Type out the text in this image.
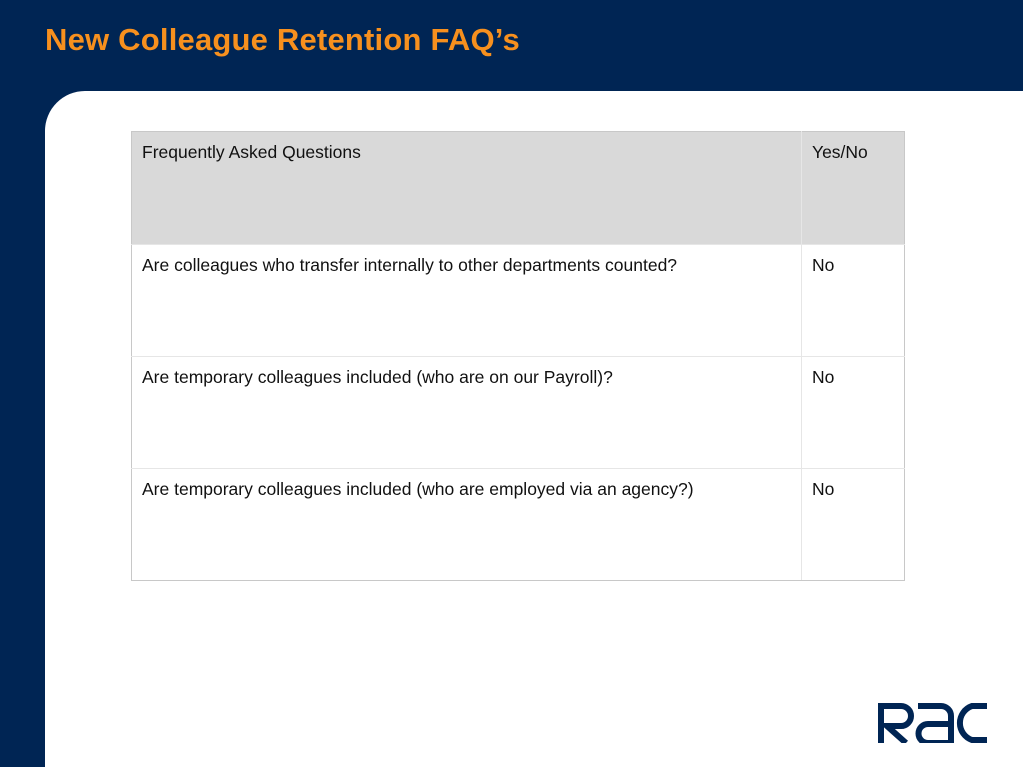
New Colleague Retention FAQ’s
Frequently Asked Questions	Yes/No
Are colleagues who transfer internally to other departments counted?	No
Are temporary colleagues included (who are on our Payroll)?	No
Are temporary colleagues included (who are employed via an agency?)	No
